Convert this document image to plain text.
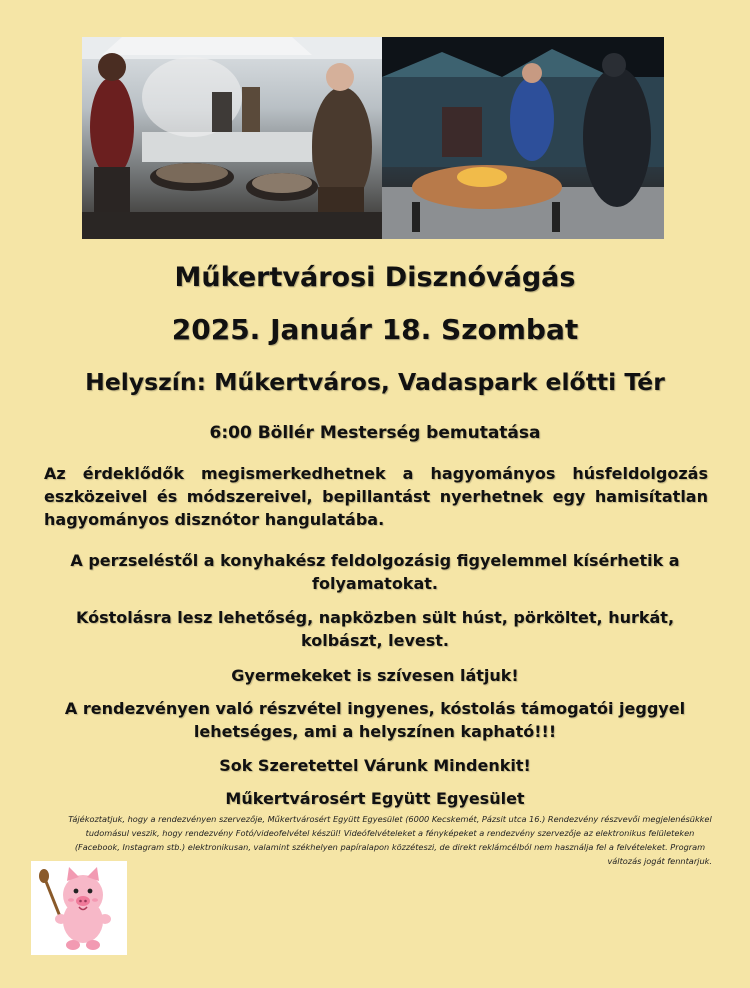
Műkertvárosi Disznóvágás
2025. Január 18. Szombat
Helyszín: Műkertváros, Vadaspark előtti Tér
6:00 Böllér Mesterség bemutatása
Az érdeklődők megismerkedhetnek a hagyományos húsfeldolgozás eszközeivel és módszereivel, bepillantást nyerhetnek egy hamisítatlan hagyományos disznótor hangulatába.
A perzseléstől a konyhakész feldolgozásig figyelemmel kísérhetik a folyamatokat.
Kóstolásra lesz lehetőség, napközben sült húst, pörköltet, hurkát, kolbászt, levest.
Gyermekeket is szívesen látjuk!
A rendezvényen való részvétel ingyenes, kóstolás támogatói jeggyel lehetséges, ami a helyszínen kapható!!!
Sok Szeretettel Várunk Mindenkit!
Műkertvárosért Együtt Egyesület
Tájékoztatjuk, hogy a rendezvényen szervezője, Műkertvárosért Együtt Egyesület (6000 Kecskemét, Pázsit utca 16.) Rendezvény részvevői megjelenésükkel tudomásul veszik, hogy rendezvény Fotó/videofelvétel készül! Videófelvételeket a fényképeket a rendezvény szervezője az elektronikus felületeken (Facebook, Instagram stb.) elektronikusan, valamint székhelyen papíralapon közzéteszi, de direkt reklámcélból nem használja fel a felvételeket. Program változás jogát fenntarjuk.
